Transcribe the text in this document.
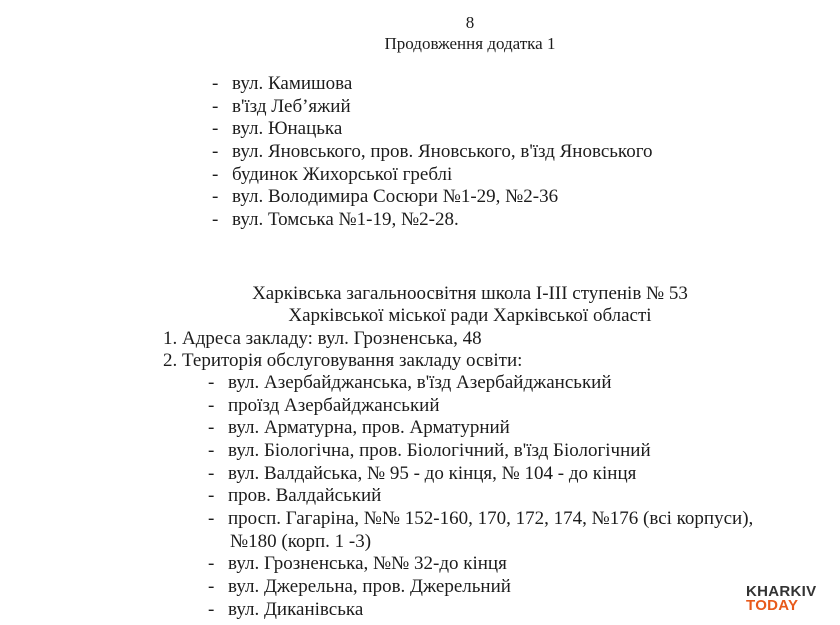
8
Продовження додатка 1
- вул. Камишова
- в'їзд Леб’яжий
- вул. Юнацька
- вул. Яновського, пров. Яновського, в'їзд Яновського
- будинок Жихорської греблі
- вул. Володимира Сосюри №1-29, №2-36
- вул. Томська №1-19, №2-28.
Харківська загальноосвітня школа І-ІІІ ступенів № 53
Харківської міської ради Харківської області
1. Адреса закладу: вул. Грозненська, 48
2. Територія обслуговування закладу освіти:
- вул. Азербайджанська, в'їзд Азербайджанський
- проїзд Азербайджанський
- вул. Арматурна, пров. Арматурний
- вул. Біологічна, пров. Біологічний, в'їзд Біологічний
- вул. Валдайська, № 95 - до кінця, № 104 - до кінця
- пров. Валдайський
- просп. Гагаріна, №№ 152-160, 170, 172, 174, №176 (всі корпуси),
№180 (корп. 1 -3)
- вул. Грозненська, №№ 32-до кінця
- вул. Джерельна, пров. Джерельний
- вул. Диканівська
KHARKIV
TODAY
